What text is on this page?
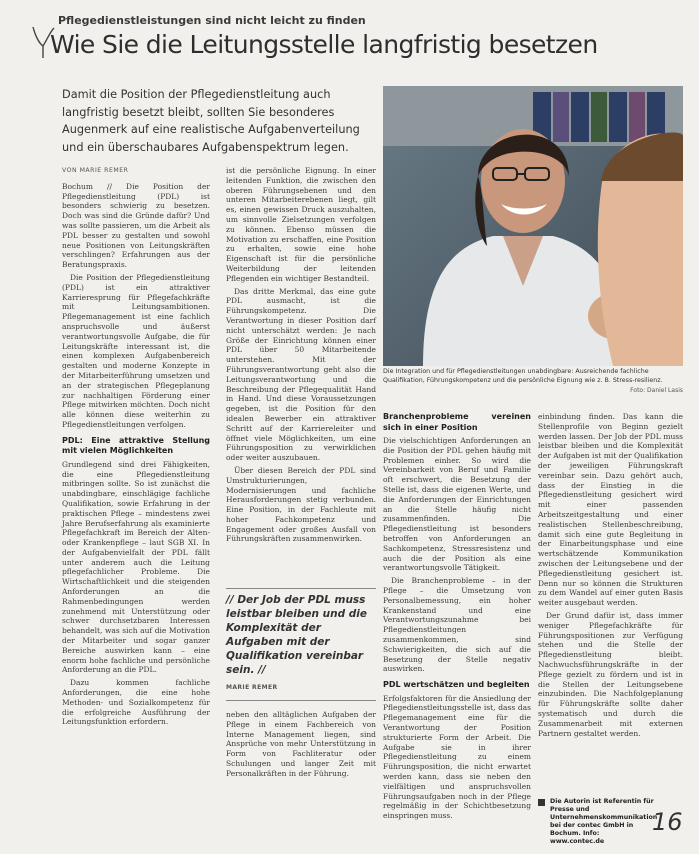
Pflegedienstleistungen sind nicht leicht zu finden
Wie Sie die Leitungsstelle langfristig besetzen
Damit die Position der Pflegedienstleitung auch langfristig besetzt bleibt, sollten Sie besonderes Augenmerk auf eine realistische Aufgabenverteilung und ein überschaubares Aufgabenspektrum legen.
VON MARIE REMER

Bochum // Die Position der Pflegedienstleitung (PDL) ist besonders schwierig zu besetzen. Doch was sind die Gründe dafür? Und was sollte passieren, um die Arbeit als PDL besser zu gestalten und sowohl neue Positionen von Leitungskräften verschlingen? Erfahrungen aus der Beratungspraxis.

Die Position der Pflegedienstleitung (PDL) ist ein attraktiver Karrieresprung für Pflegefachkräfte mit Leitungsambitionen. Pflegemanagement ist eine fachlich anspruchsvolle und äußerst verantwortungsvolle Aufgabe, die für Leitungskräfte interessant ist, die einen komplexen Aufgabenbereich gestalten und moderne Konzepte in der Mitarbeiterführung umsetzen und an der strategischen Pflegeplanung zur nachhaltigen Förderung einer Pflege mitwirken möchten. Doch nicht alle können diese weiterhin zu Pflegedienstleitungen verfolgen.

PDL: Eine attraktive Stellung mit vielen Möglichkeiten

Grundlegend sind drei Fähigkeiten, die eine Pflegedienstleitung mitbringen sollte. So ist zunächst die unabdingbare, einschlägige fachliche Qualifikation, sowie Erfahrung in der praktischen Pflege – mindestens zwei Jahre Berufserfahrung als examinierte Pflegefachkraft im Bereich der Alten- oder Krankenpflege – laut SGB XI. In der Aufgabenvielfalt der PDL fällt unter anderem auch die Leitung pflegefachlicher Probleme. Die Wirtschaftlichkeit und die steigenden Anforderungen an die Rahmenbedingungen werden zunehmend mit Unterstützung oder schwer durchsetzbaren Interessen behandelt, was sich auf die Motivation der Mitarbeiter und sogar ganzer Bereiche auswirken kann – eine enorm hohe fachliche und persönliche Anforderung an die PDL.

Dazu kommen fachliche Anforderungen, die eine hohe Methoden- und Sozialkompetenz für die erfolgreiche Ausführung der Leitungsfunktion erfordern.

ist die persönliche Eignung. In einer leitenden Funktion, die zwischen den oberen Führungsebenen und den unteren Mitarbeiterebenen liegt, gilt es, einen gewissen Druck auszuhalten, um sinnvolle Zielsetzungen verfolgen zu können. Ebenso müssen die Motivation zu erschaffen, eine Position zu erhalten, sowie eine hohe Eigenschaft ist für die persönliche Weiterbildung der leitenden Pflegenden ein wichtiger Bestandteil.

Das dritte Merkmal, das eine gute PDL ausmacht, ist die Führungskompetenz. Die Verantwortung in dieser Position darf nicht unterschätzt werden: Je nach Größe der Einrichtung können einer PDL über 50 Mitarbeitende unterstehen. Mit der Führungsverantwortung geht also die Leitungsverantwortung und die Beschreibung der Pflegequalität Hand in Hand. Und diese Voraussetzungen gegeben, ist die Position für den idealen Bewerber ein attraktiver Schritt auf der Karriereleiter und öffnet viele Möglichkeiten, um eine Führungsposition zu verwirklichen oder weiter auszubauen.

Über diesen Bereich der PDL sind Umstrukturierungen, Modernisierungen und fachliche Herausforderungen stetig verbunden. Eine Position, in der Fachleute mit hoher Fachkompetenz und Engagement oder großes Ausfall von Führungskräften zusammenwirken.

// Der Job der PDL muss leistbar bleiben und die Komplexität der Aufgaben mit der Qualifikation vereinbar sein. //
MARIE REMER

neben den alltäglichen Aufgaben der Pflege in einem Fachbereich von Interne Management liegen, sind Ansprüche von mehr Unterstützung in Form von Fachliteratur oder Schulungen und langer Zeit mit Personalkräften in der Führung.

Die Integration und für Pflegedienstleitungen unabdingbare: Ausreichende fachliche Qualifikation, Führungskompetenz und die persönliche Eignung wie z. B. Stress-resilienz.
Foto: Daniel Lasis
Branchenprobleme vereinen sich in einer Position

Die vielschichtigen Anforderungen an die Position der PDL gehen häufig mit Problemen einher. So wird die Vereinbarkeit von Beruf und Familie oft erschwert, die Besetzung der Stelle ist, dass die eigenen Werte, und die Anforderungen der Einrichtungen an die Stelle häufig nicht zusammenfinden. Die Pflegedienstleitung ist besonders betroffen von Anforderungen an Sachkompetenz, Stressresistenz und auch die der Position als eine verantwortungsvolle Tätigkeit.

Die Branchenprobleme – in der Pflege – die Umsetzung von Personalbemessung, ein hoher Krankenstand und eine Verantwortungszunahme bei Pflegedienstleitungen zusammenkommen, sind Schwierigkeiten, die sich auf die Besetzung der Stelle negativ auswirken.

PDL wertschätzen und begleiten

Erfolgsfaktoren für die Ansiedlung der Pflegedienstleitungsstelle ist, dass das Pflegemanagement eine für die Verantwortung der Position strukturierte Form der Arbeit. Die Aufgabe sie in ihrer Pflegedienstleitung zu einem Führungsposition, die nicht erwartet werden kann, dass sie neben den vielfältigen und anspruchsvollen Führungsaufgaben noch in der Pflege regelmäßig in der Schichtbesetzung einspringen muss.

einbindung finden. Das kann die Stellenprofile von Beginn gezielt werden lassen. Der Job der PDL muss leistbar bleiben und die Komplexität der Aufgaben ist mit der Qualifikation der jeweiligen Führungskraft vereinbar sein. Dazu gehört auch, dass der Einstieg in die Pflegedienstleitung gesichert wird mit einer passenden Arbeitszeitgestaltung und einer realistischen Stellenbeschreibung, damit sich eine gute Begleitung in der Einarbeitungsphase und eine wertschätzende Kommunikation zwischen der Leitungsebene und der Pflegedienstleitung gesichert ist. Denn nur so können die Strukturen zu dem Wandel auf einer guten Basis weiter ausgebaut werden.

Der Grund dafür ist, dass immer weniger Pflegefachkräfte für Führungspositionen zur Verfügung stehen und die Stelle der Pflegedienstleitung bleibt. Nachwuchsführungskräfte in der Pflege gezielt zu fördern und ist in die Stellen der Leitungsebene einzubinden. Die Nachfolgeplanung für Führungskräfte sollte daher systematisch und durch die Zusammenarbeit mit externen Partnern gestaltet werden.

Die Autorin ist Referentin für Presse und Unternehmenskommunikation bei der contec GmbH in Bochum. Info: www.contec.de
16
